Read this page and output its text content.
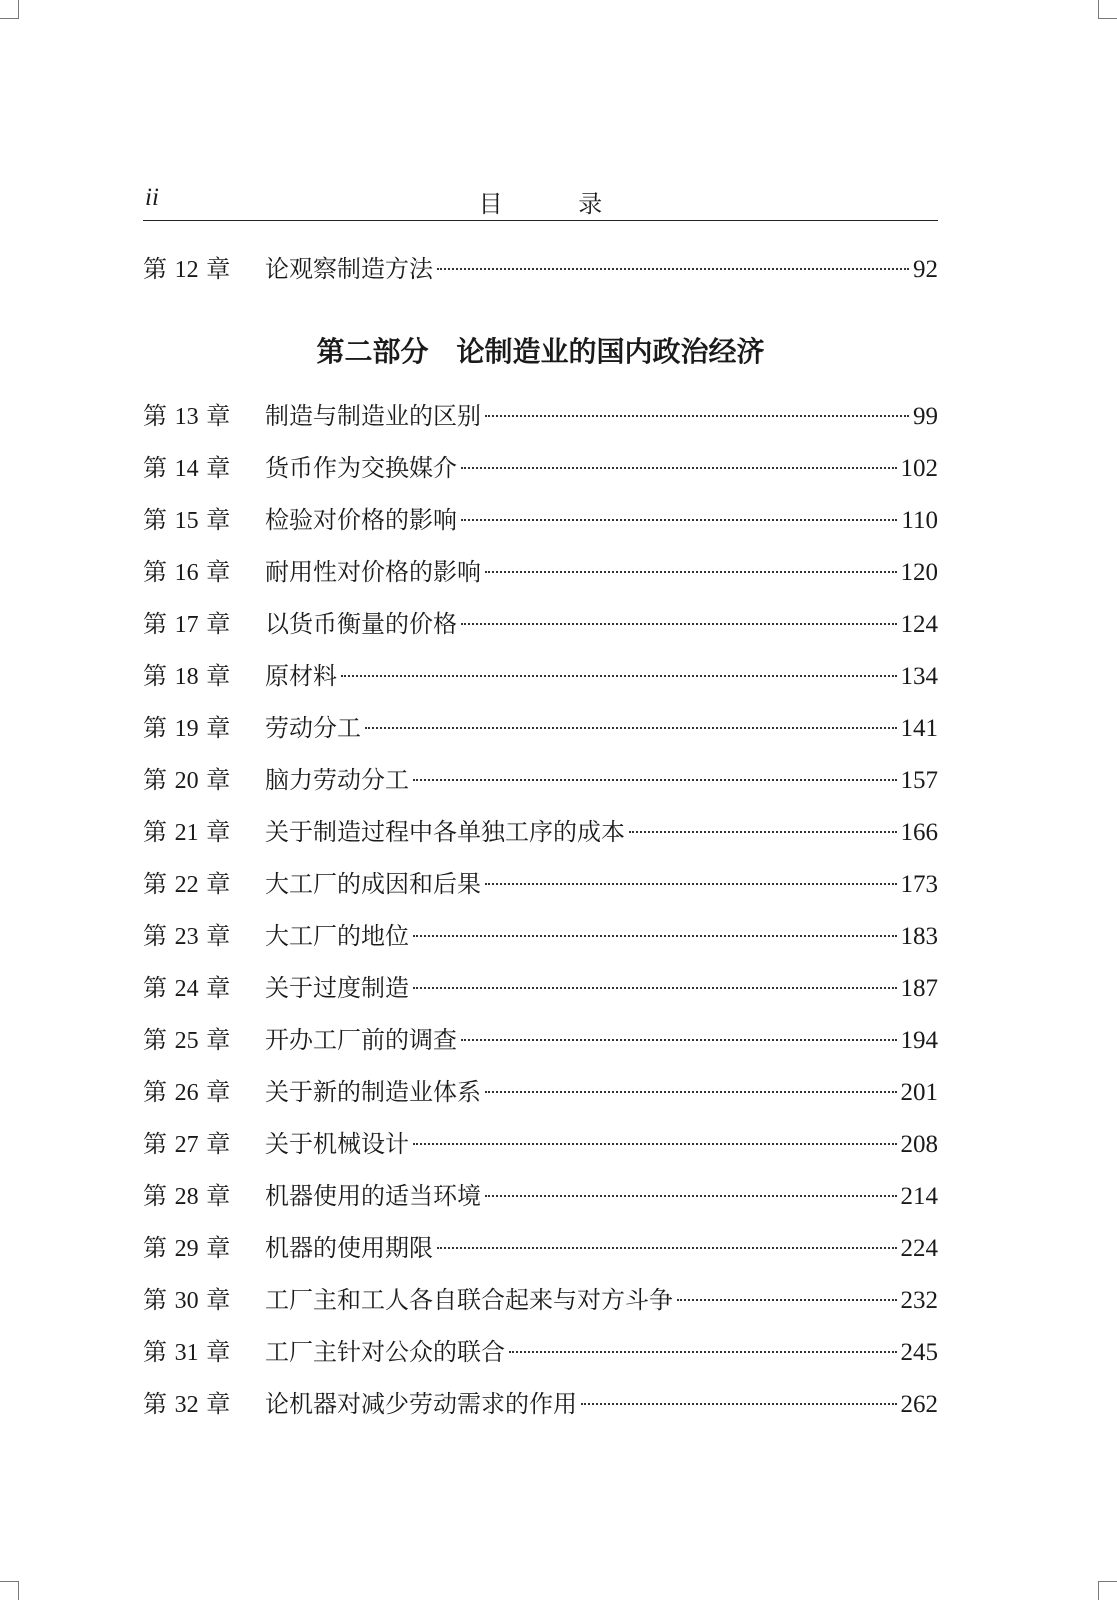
ii	目 录
第 12 章	论观察制造方法	92
第二部分　论制造业的国内政治经济
第 13 章	制造与制造业的区别	99
第 14 章	货币作为交换媒介	102
第 15 章	检验对价格的影响	110
第 16 章	耐用性对价格的影响	120
第 17 章	以货币衡量的价格	124
第 18 章	原材料	134
第 19 章	劳动分工	141
第 20 章	脑力劳动分工	157
第 21 章	关于制造过程中各单独工序的成本	166
第 22 章	大工厂的成因和后果	173
第 23 章	大工厂的地位	183
第 24 章	关于过度制造	187
第 25 章	开办工厂前的调查	194
第 26 章	关于新的制造业体系	201
第 27 章	关于机械设计	208
第 28 章	机器使用的适当环境	214
第 29 章	机器的使用期限	224
第 30 章	工厂主和工人各自联合起来与对方斗争	232
第 31 章	工厂主针对公众的联合	245
第 32 章	论机器对减少劳动需求的作用	262
